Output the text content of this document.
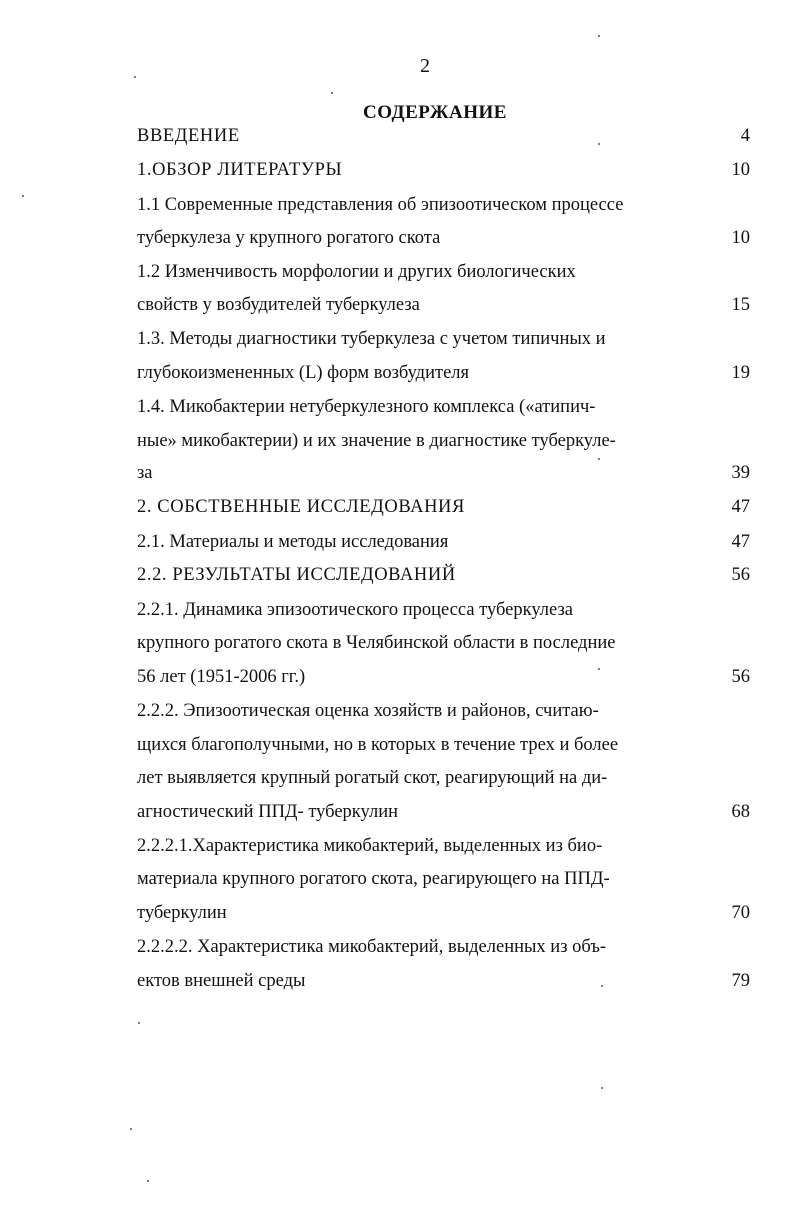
2
СОДЕРЖАНИЕ
ВВЕДЕНИЕ	4
1.ОБЗОР ЛИТЕРАТУРЫ	10
1.1 Современные представления об эпизоотическом процессе
туберкулеза у крупного рогатого скота	10
1.2 Изменчивость морфологии и других биологических
свойств у возбудителей туберкулеза	15
1.3. Методы диагностики туберкулеза с учетом типичных и
глубокоизмененных (L) форм возбудителя	19
1.4. Микобактерии нетуберкулезного комплекса («атипич-
ные» микобактерии) и их значение в диагностике туберкуле-
за	39
2. СОБСТВЕННЫЕ ИССЛЕДОВАНИЯ	47
2.1. Материалы и методы исследования	47
2.2. РЕЗУЛЬТАТЫ ИССЛЕДОВАНИЙ	56
2.2.1. Динамика эпизоотического процесса туберкулеза
крупного рогатого скота в Челябинской области в последние
56 лет (1951-2006 гг.)	56
2.2.2. Эпизоотическая оценка хозяйств и районов, считаю-
щихся благополучными, но в которых в течение трех и более
лет выявляется крупный рогатый скот, реагирующий на ди-
агностический ППД- туберкулин	68
2.2.2.1.Характеристика микобактерий, выделенных из био-
материала крупного рогатого скота, реагирующего на ППД-
туберкулин	70
2.2.2.2. Характеристика микобактерий, выделенных из объ-
ектов внешней среды	79
